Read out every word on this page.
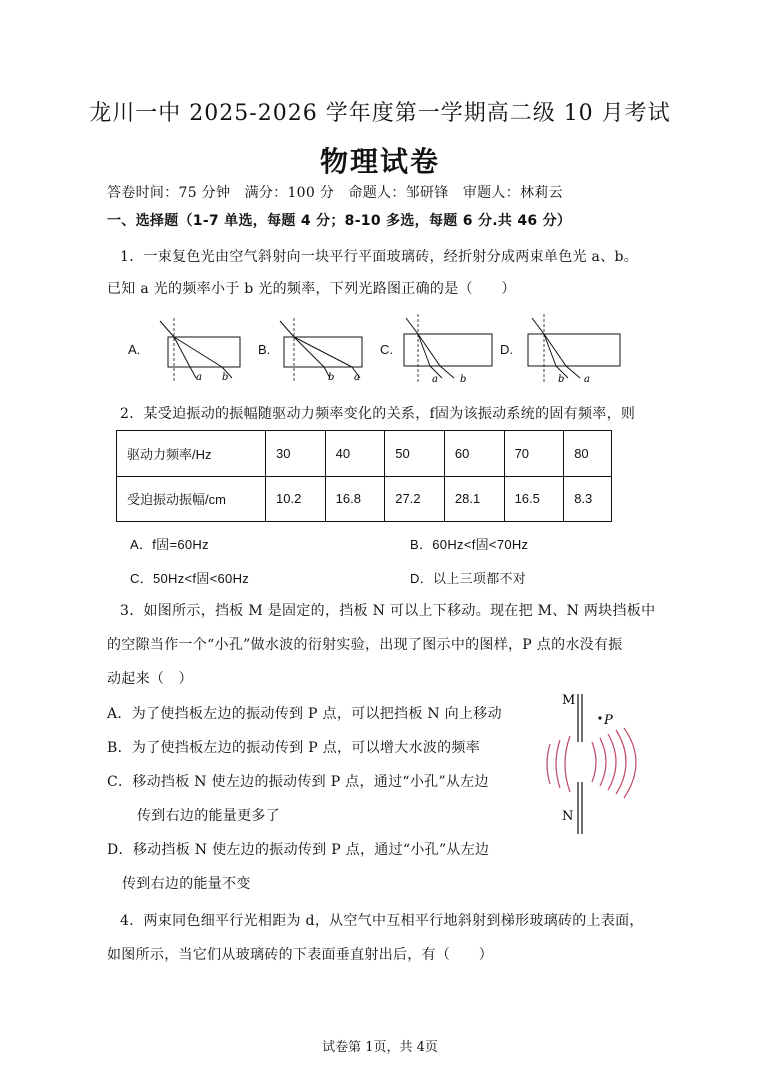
龙川一中 2025-2026 学年度第一学期高二级 10 月考试
物理试卷
答卷时间：75 分钟　满分：100 分　命题人：邹研锋　审题人：林莉云
一、选择题（1-7 单选，每题 4 分；8-10 多选，每题 6 分.共 46 分）
1．一束复色光由空气斜射向一块平行平面玻璃砖，经折射分成两束单色光 a、b。
已知 a 光的频率小于 b 光的频率，下列光路图正确的是（　　）
A.
a b
B.
b a
C.
a b
D.
b a
2．某受迫振动的振幅随驱动力频率变化的关系，f固为该振动系统的固有频率，则
驱动力频率/Hz	30	40	50	60	70	80
受迫振动振幅/cm	10.2	16.8	27.2	28.1	16.5	8.3
A．f固=60Hz	B．60Hz<f固<70Hz
C．50Hz<f固<60Hz	D．以上三项都不对
3．如图所示，挡板 M 是固定的，挡板 N 可以上下移动。现在把 M、N 两块挡板中
的空隙当作一个“小孔”做水波的衍射实验，出现了图示中的图样，P 点的水没有振
动起来（　）
A．为了使挡板左边的振动传到 P 点，可以把挡板 N 向上移动
B．为了使挡板左边的振动传到 P 点，可以增大水波的频率
C．移动挡板 N 使左边的振动传到 P 点，通过“小孔”从左边
传到右边的能量更多了
D．移动挡板 N 使左边的振动传到 P 点，通过“小孔”从左边
传到右边的能量不变
M
N
P
4．两束同色细平行光相距为 d，从空气中互相平行地斜射到梯形玻璃砖的上表面，
如图所示，当它们从玻璃砖的下表面垂直射出后，有（　　）
试卷第 1页，共 4页
